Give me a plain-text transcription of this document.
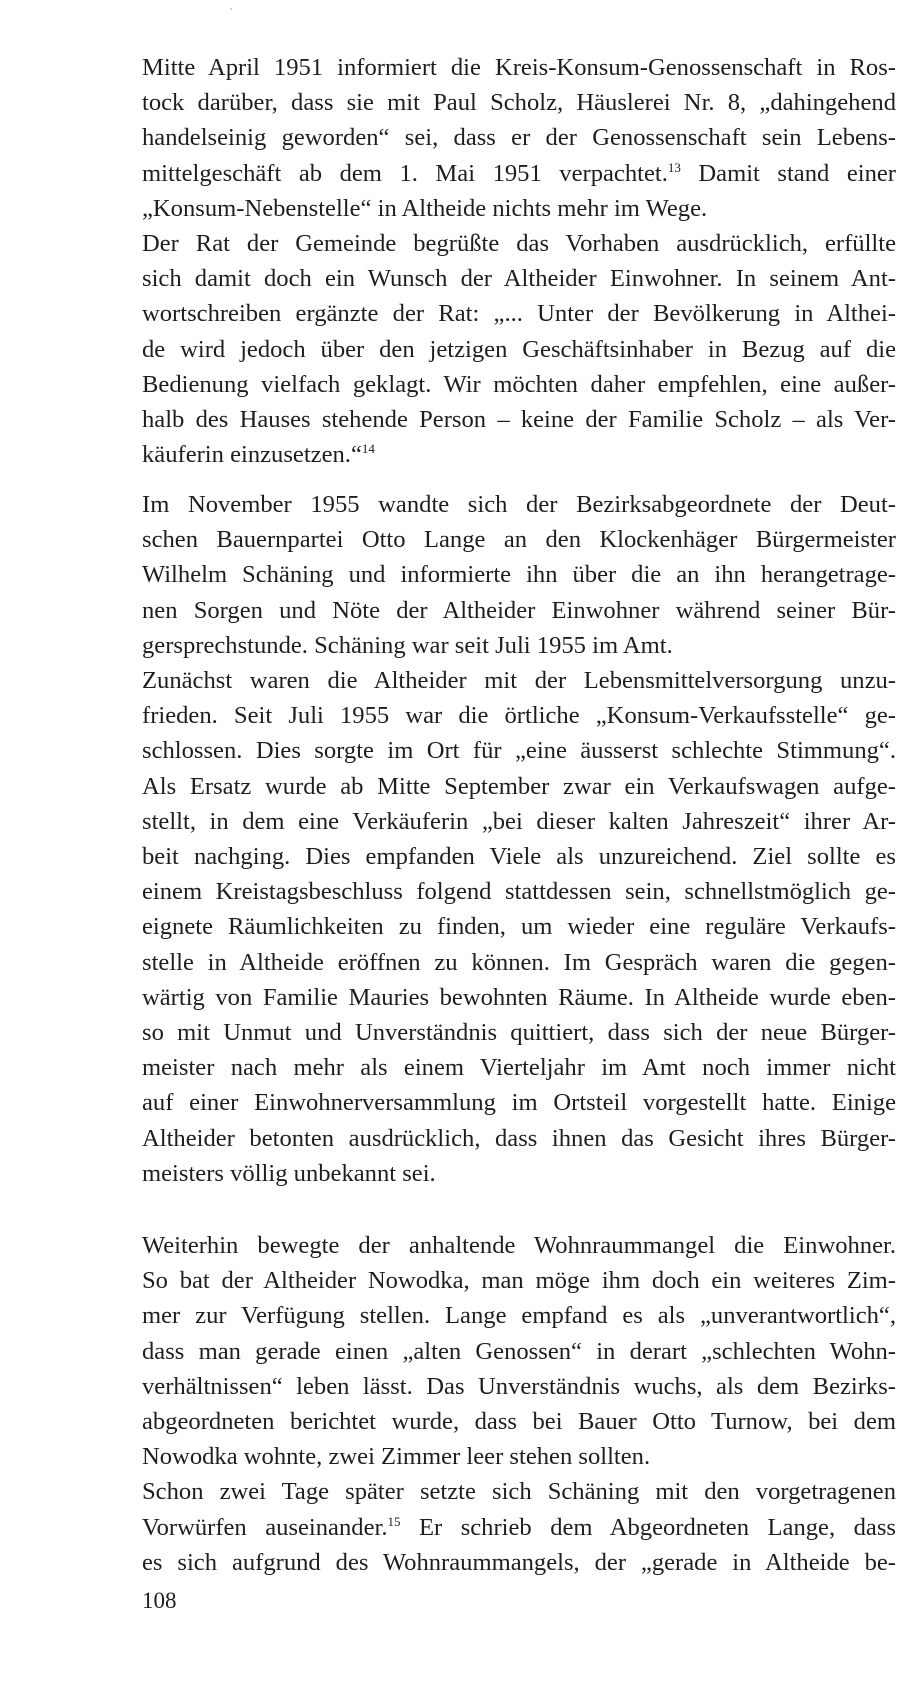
Mitte April 1951 informiert die Kreis-Konsum-Genossenschaft in Ros-
tock darüber, dass sie mit Paul Scholz, Häuslerei Nr. 8, „dahingehend
handelseinig geworden“ sei, dass er der Genossenschaft sein Lebens-
mittelgeschäft ab dem 1. Mai 1951 verpachtet.$^{13}$ Damit stand einer
„Konsum-Nebenstelle“ in Altheide nichts mehr im Wege.
Der Rat der Gemeinde begrüßte das Vorhaben ausdrücklich, erfüllte
sich damit doch ein Wunsch der Altheider Einwohner. In seinem Ant-
wortschreiben ergänzte der Rat: „... Unter der Bevölkerung in Althei-
de wird jedoch über den jetzigen Geschäftsinhaber in Bezug auf die
Bedienung vielfach geklagt. Wir möchten daher empfehlen, eine außer-
halb des Hauses stehende Person – keine der Familie Scholz – als Ver-
käuferin einzusetzen.“$^{14}$
Im November 1955 wandte sich der Bezirksabgeordnete der Deut-
schen Bauernpartei Otto Lange an den Klockenhäger Bürgermeister
Wilhelm Schäning und informierte ihn über die an ihn herangetrage-
nen Sorgen und Nöte der Altheider Einwohner während seiner Bür-
gersprechstunde. Schäning war seit Juli 1955 im Amt.
Zunächst waren die Altheider mit der Lebensmittelversorgung unzu-
frieden. Seit Juli 1955 war die örtliche „Konsum-Verkaufsstelle“ ge-
schlossen. Dies sorgte im Ort für „eine äusserst schlechte Stimmung“.
Als Ersatz wurde ab Mitte September zwar ein Verkaufswagen aufge-
stellt, in dem eine Verkäuferin „bei dieser kalten Jahreszeit“ ihrer Ar-
beit nachging. Dies empfanden Viele als unzureichend. Ziel sollte es
einem Kreistagsbeschluss folgend stattdessen sein, schnellstmöglich ge-
eignete Räumlichkeiten zu finden, um wieder eine reguläre Verkaufs-
stelle in Altheide eröffnen zu können. Im Gespräch waren die gegen-
wärtig von Familie Mauries bewohnten Räume. In Altheide wurde eben-
so mit Unmut und Unverständnis quittiert, dass sich der neue Bürger-
meister nach mehr als einem Vierteljahr im Amt noch immer nicht
auf einer Einwohnerversammlung im Ortsteil vorgestellt hatte. Einige
Altheider betonten ausdrücklich, dass ihnen das Gesicht ihres Bürger-
meisters völlig unbekannt sei.
Weiterhin bewegte der anhaltende Wohnraummangel die Einwohner.
So bat der Altheider Nowodka, man möge ihm doch ein weiteres Zim-
mer zur Verfügung stellen. Lange empfand es als „unverantwortlich“,
dass man gerade einen „alten Genossen“ in derart „schlechten Wohn-
verhältnissen“ leben lässt. Das Unverständnis wuchs, als dem Bezirks-
abgeordneten berichtet wurde, dass bei Bauer Otto Turnow, bei dem
Nowodka wohnte, zwei Zimmer leer stehen sollten.
Schon zwei Tage später setzte sich Schäning mit den vorgetragenen
Vorwürfen auseinander.$^{15}$ Er schrieb dem Abgeordneten Lange, dass
es sich aufgrund des Wohnraummangels, der „gerade in Altheide be-
108
